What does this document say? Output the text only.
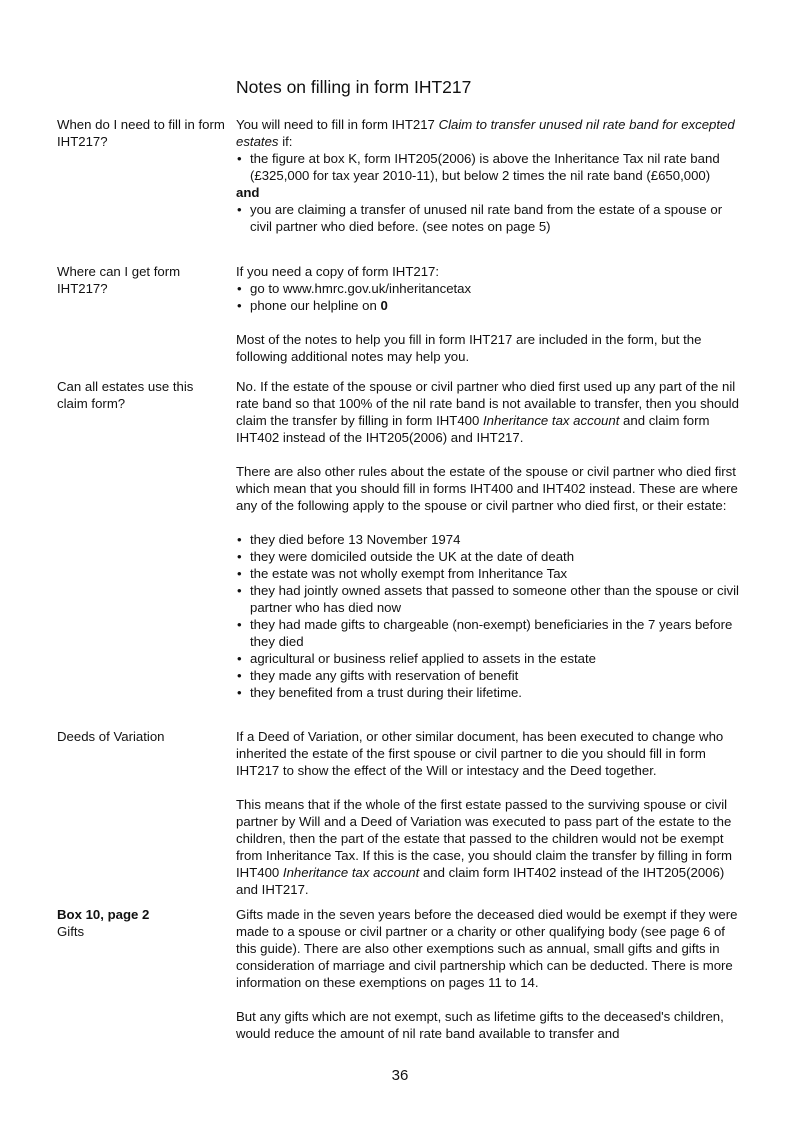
Notes on filling in form IHT217
When do I need to fill in form IHT217?

You will need to fill in form IHT217 Claim to transfer unused nil rate band for excepted estates if:

• the figure at box K, form IHT205(2006) is above the Inheritance Tax nil rate band (£325,000 for tax year 2010-11), but below 2 times the nil rate band (£650,000)

and

• you are claiming a transfer of unused nil rate band from the estate of a spouse or civil partner who died before. (see notes on page 5)
Where can I get form IHT217?

If you need a copy of form IHT217:

• go to www.hmrc.gov.uk/inheritancetax
• phone our helpline on 0

Most of the notes to help you fill in form IHT217 are included in the form, but the following additional notes may help you.

Can all estates use this claim form?

No. If the estate of the spouse or civil partner who died first used up any part of the nil rate band so that 100% of the nil rate band is not available to transfer, then you should claim the transfer by filling in form IHT400 Inheritance tax account and claim form IHT402 instead of the IHT205(2006) and IHT217.

There are also other rules about the estate of the spouse or civil partner who died first which mean that you should fill in forms IHT400 and IHT402 instead. These are where any of the following apply to the spouse or civil partner who died first, or their estate:

• they died before 13 November 1974
• they were domiciled outside the UK at the date of death
• the estate was not wholly exempt from Inheritance Tax
• they had jointly owned assets that passed to someone other than the spouse or civil partner who has died now
• they had made gifts to chargeable (non-exempt) beneficiaries in the 7 years before they died
• agricultural or business relief applied to assets in the estate
• they made any gifts with reservation of benefit
• they benefited from a trust during their lifetime.
Deeds of Variation	If a Deed of Variation, or other similar document, has been executed to change who inherited the estate of the first spouse or civil partner to die you should fill in form IHT217 to show the effect of the Will or intestacy and the Deed together.

This means that if the whole of the first estate passed to the surviving spouse or civil partner by Will and a Deed of Variation was executed to pass part of the estate to the children, then the part of the estate that passed to the children would not be exempt from Inheritance Tax. If this is the case, you should claim the transfer by filling in form IHT400 Inheritance tax account and claim form IHT402 instead of the IHT205(2006) and IHT217.

Box 10, page 2
Gifts

Gifts made in the seven years before the deceased died would be exempt if they were made to a spouse or civil partner or a charity or other qualifying body (see page 6 of this guide). There are also other exemptions such as annual, small gifts and gifts in consideration of marriage and civil partnership which can be deducted. There is more information on these exemptions on pages 11 to 14.

But any gifts which are not exempt, such as lifetime gifts to the deceased's children, would reduce the amount of nil rate band available to transfer and

36
